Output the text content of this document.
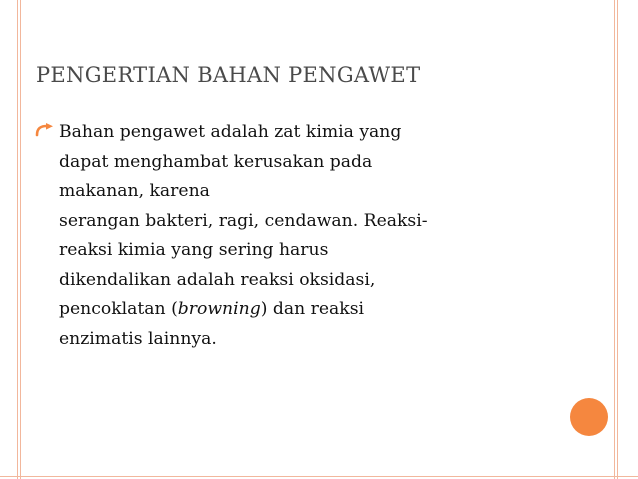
PENGERTIAN BAHAN PENGAWET
Bahan pengawet adalah zat kimia yang
dapat menghambat kerusakan pada
makanan, karena
serangan bakteri, ragi, cendawan. Reaksi-
reaksi kimia yang sering harus
dikendalikan adalah reaksi oksidasi,
pencoklatan (browning) dan reaksi
enzimatis lainnya.
